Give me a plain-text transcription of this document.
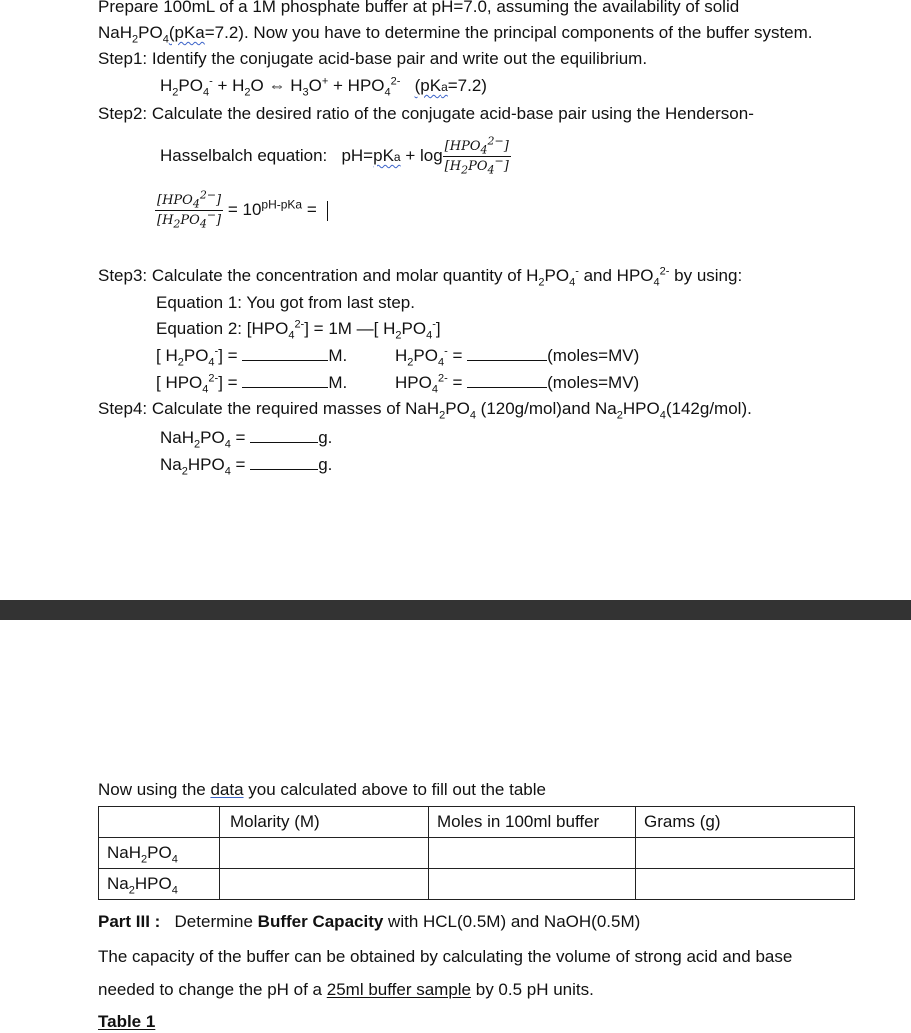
Prepare 100mL of a 1M phosphate buffer at pH=7.0, assuming the availability of solid
$NaH_2PO_4(pKa=7.2)$. Now you have to determine the principal components of the buffer system.
Step1: Identify the conjugate acid-base pair and write out the equilibrium.
$H_2PO_4^- + H_2O$ ⇔ $H_3O^+ + HPO_4^{2-}$ (pKa=7.2)
Step2: Calculate the desired ratio of the conjugate acid-base pair using the Henderson-
Hasselbalch equation:   $pH=pKa + \log \frac{[HPO_4^{2-}]}{[H_2PO_4^-]}$
$\frac{[HPO_4^{2-}]}{[H_2PO_4^-]} = 10^{pH-pKa}$ =
Step3: Calculate the concentration and molar quantity of $H_2PO_4^-$ and $HPO_4^{2-}$ by using:
Equation 1: You got from last step.
Equation 2: $[HPO_4^{2-}] = 1M$ —[ $H_2PO_4^-$]
[ $H_2PO_4^-$] =	M.	$H_2PO_4^-$ =	(moles=MV)
[ $HPO_4^{2-}$] =	M.	$HPO_4^{2-}$ =	(moles=MV)
Step4: Calculate the required masses of $NaH_2PO_4$ (120g/mol)and $Na_2HPO_4(142g/mol)$.
$NaH_2PO_4$ =	g.
$Na_2HPO_4$ =	g.
Now using the data you calculated above to fill out the table
	Molarity (M)	Moles in 100ml buffer	Grams (g)
$NaH_2PO_4$			
$Na_2HPO_4$			
Part III : Determine Buffer Capacity with HCL(0.5M) and NaOH(0.5M)
The capacity of the buffer can be obtained by calculating the volume of strong acid and base
needed to change the pH of a 25ml buffer sample by 0.5 pH units.
Table 1
